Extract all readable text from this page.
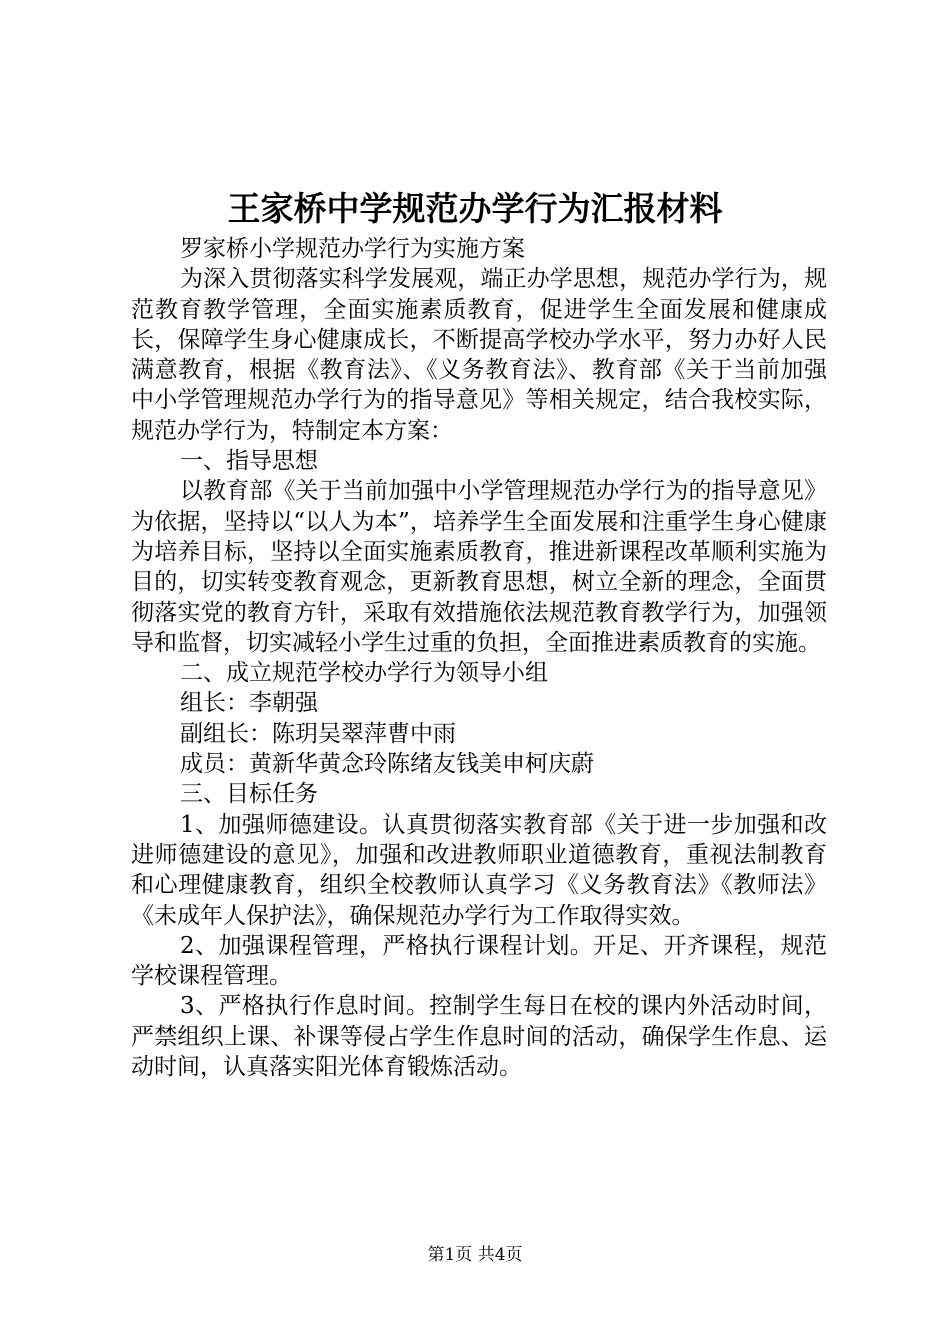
王家桥中学规范办学行为汇报材料

罗家桥小学规范办学行为实施方案

为深入贯彻落实科学发展观，端正办学思想，规范办学行为，规范教育教学管理，全面实施素质教育，促进学生全面发展和健康成长，保障学生身心健康成长，不断提高学校办学水平，努力办好人民满意教育，根据《教育法》、《义务教育法》、教育部《关于当前加强中小学管理规范办学行为的指导意见》等相关规定，结合我校实际，规范办学行为，特制定本方案：

一、指导思想

以教育部《关于当前加强中小学管理规范办学行为的指导意见》为依据，坚持以“以人为本”，培养学生全面发展和注重学生身心健康为培养目标，坚持以全面实施素质教育，推进新课程改革顺利实施为目的，切实转变教育观念，更新教育思想，树立全新的理念，全面贯彻落实党的教育方针，采取有效措施依法规范教育教学行为，加强领导和监督，切实减轻小学生过重的负担，全面推进素质教育的实施。

二、成立规范学校办学行为领导小组

组长：李朝强

副组长：陈玥吴翠萍曹中雨

成员：黄新华黄念玲陈绪友钱美申柯庆蔚

三、目标任务

1、加强师德建设。认真贯彻落实教育部《关于进一步加强和改进师德建设的意见》，加强和改进教师职业道德教育，重视法制教育和心理健康教育，组织全校教师认真学习《义务教育法》《教师法》《未成年人保护法》，确保规范办学行为工作取得实效。

2、加强课程管理，严格执行课程计划。开足、开齐课程，规范学校课程管理。

3、严格执行作息时间。控制学生每日在校的课内外活动时间，严禁组织上课、补课等侵占学生作息时间的活动，确保学生作息、运动时间，认真落实阳光体育锻炼活动。

第1页 共4页
